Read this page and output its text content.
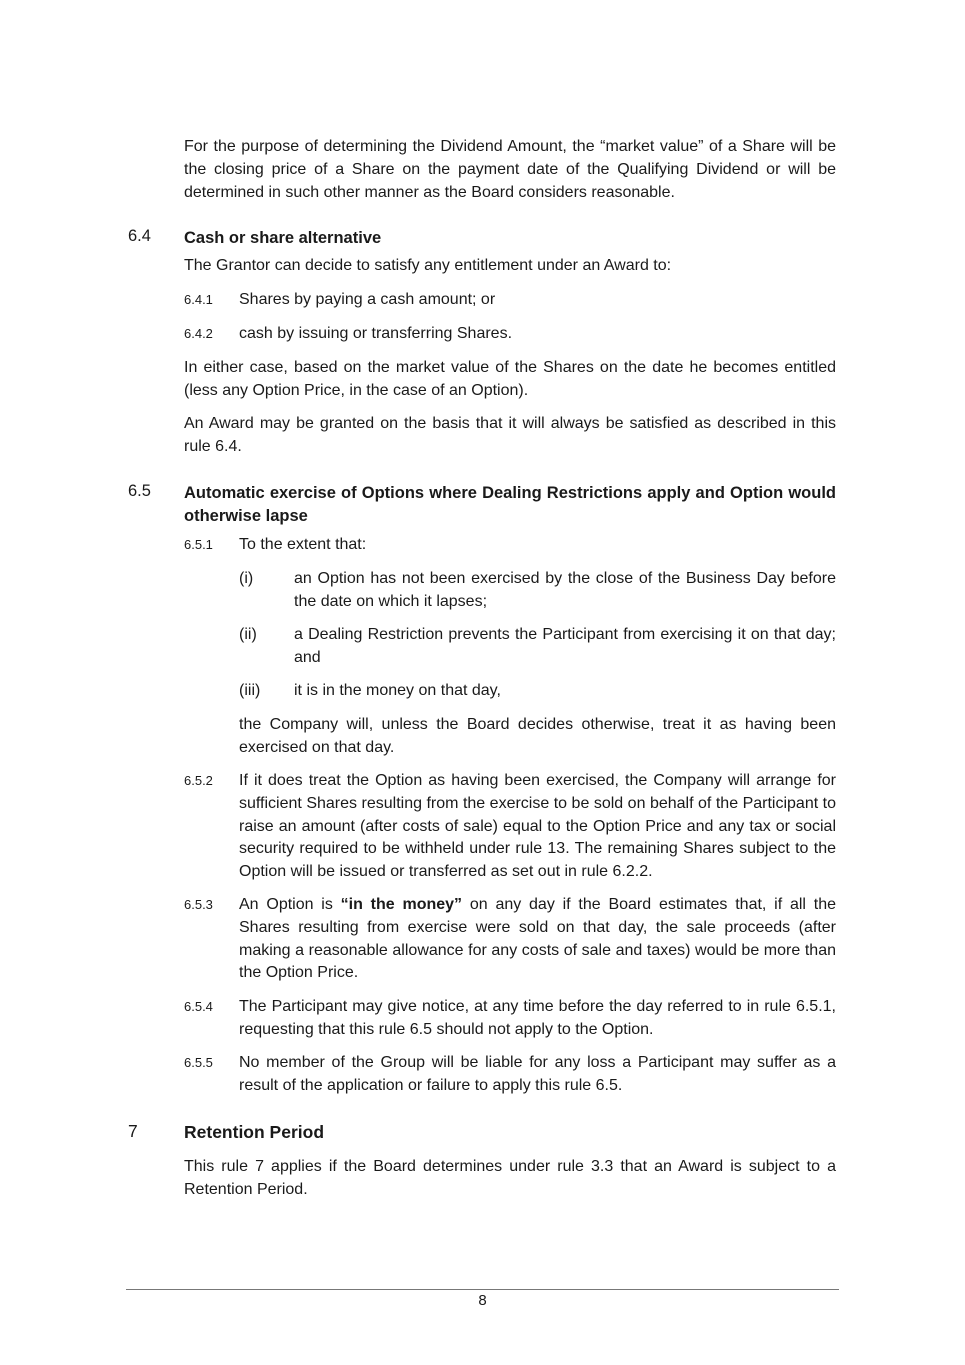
For the purpose of determining the Dividend Amount, the “market value” of a Share will be the closing price of a Share on the payment date of the Qualifying Dividend or will be determined in such other manner as the Board considers reasonable.

6.4 Cash or share alternative

The Grantor can decide to satisfy any entitlement under an Award to:

6.4.1 Shares by paying a cash amount; or
6.4.2 cash by issuing or transferring Shares.

In either case, based on the market value of the Shares on the date he becomes entitled (less any Option Price, in the case of an Option).

An Award may be granted on the basis that it will always be satisfied as described in this rule 6.4.

6.5 Automatic exercise of Options where Dealing Restrictions apply and Option would otherwise lapse
6.5.1 To the extent that:
(i)	an Option has not been exercised by the close of the Business Day before the date on which it lapses;
(ii) a Dealing Restriction prevents the Participant from exercising it on that day; and
(iii) it is in the money on that day,
the Company will, unless the Board decides otherwise, treat it as having been exercised on that day.
6.5.2 If it does treat the Option as having been exercised, the Company will arrange for sufficient Shares resulting from the exercise to be sold on behalf of the Participant to raise an amount (after costs of sale) equal to the Option Price and any tax or social security required to be withheld under rule 13. The remaining Shares subject to the Option will be issued or transferred as set out in rule 6.2.2.
6.5.3 An Option is “in the money” on any day if the Board estimates that, if all the Shares resulting from exercise were sold on that day, the sale proceeds (after making a reasonable allowance for any costs of sale and taxes) would be more than the Option Price.
6.5.4 The Participant may give notice, at any time before the day referred to in rule 6.5.1, requesting that this rule 6.5 should not apply to the Option.
6.5.5 No member of the Group will be liable for any loss a Participant may suffer as a result of the application or failure to apply this rule 6.5.
7	Retention Period

This rule 7 applies if the Board determines under rule 3.3 that an Award is subject to a Retention Period.

8
